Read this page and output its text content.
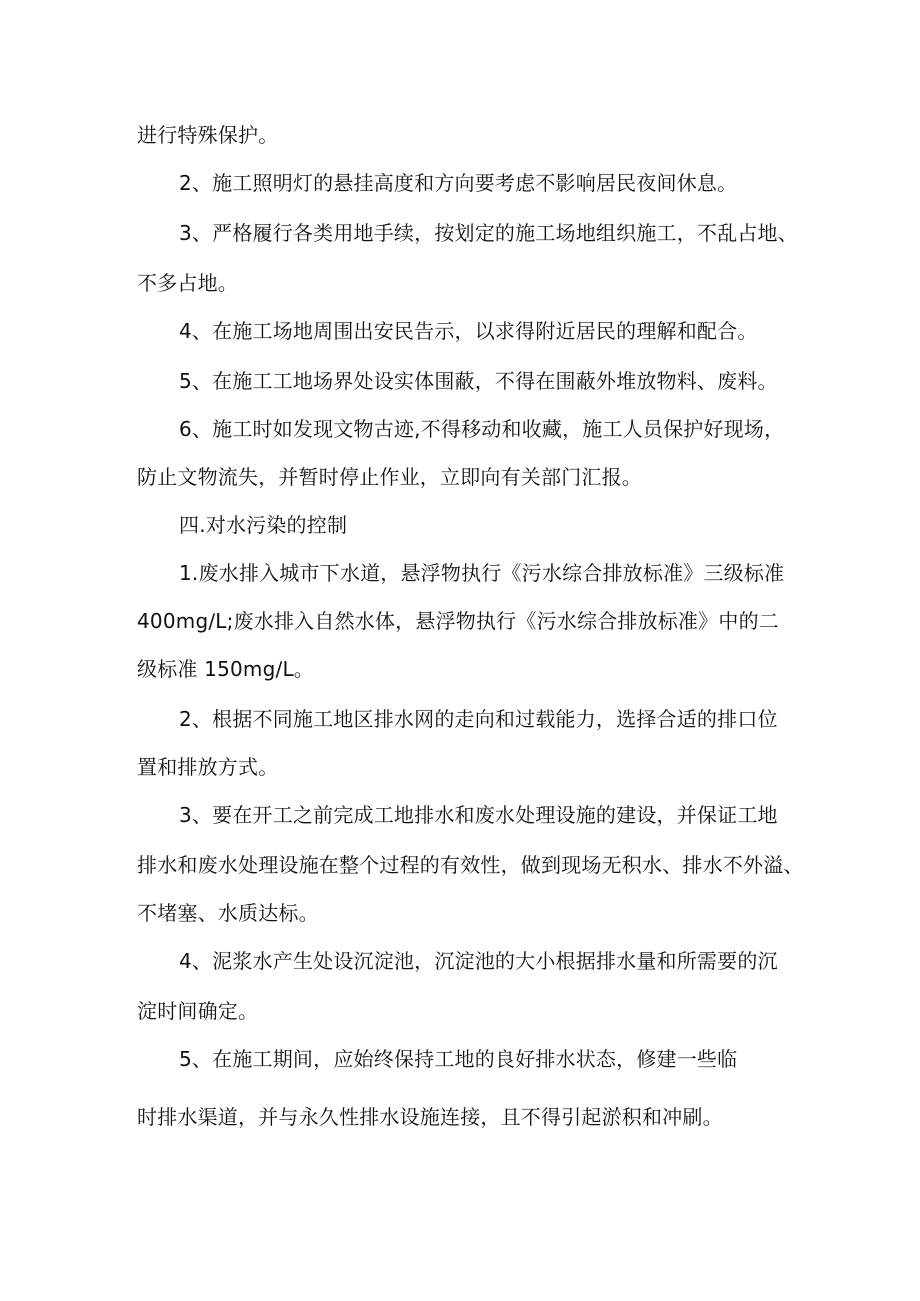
进行特殊保护。
2、施工照明灯的悬挂高度和方向要考虑不影响居民夜间休息。
3、严格履行各类用地手续，按划定的施工场地组织施工，不乱占地、
不多占地。
4、在施工场地周围出安民告示，以求得附近居民的理解和配合。
5、在施工工地场界处设实体围蔽，不得在围蔽外堆放物料、废料。
6、施工时如发现文物古迹,不得移动和收藏，施工人员保护好现场，
防止文物流失，并暂时停止作业，立即向有关部门汇报。
四.对水污染的控制
1.废水排入城市下水道，悬浮物执行《污水综合排放标准》三级标准
400mg∕L;废水排入自然水体，悬浮物执行《污水综合排放标准》中的二
级标准 150mg∕L。
2、根据不同施工地区排水网的走向和过载能力，选择合适的排口位
置和排放方式。
3、要在开工之前完成工地排水和废水处理设施的建设，并保证工地
排水和废水处理设施在整个过程的有效性，做到现场无积水、排水不外溢、
不堵塞、水质达标。
4、泥浆水产生处设沉淀池，沉淀池的大小根据排水量和所需要的沉
淀时间确定。
5、在施工期间，应始终保持工地的良好排水状态，修建一些临
时排水渠道，并与永久性排水设施连接，且不得引起淤积和冲刷。
